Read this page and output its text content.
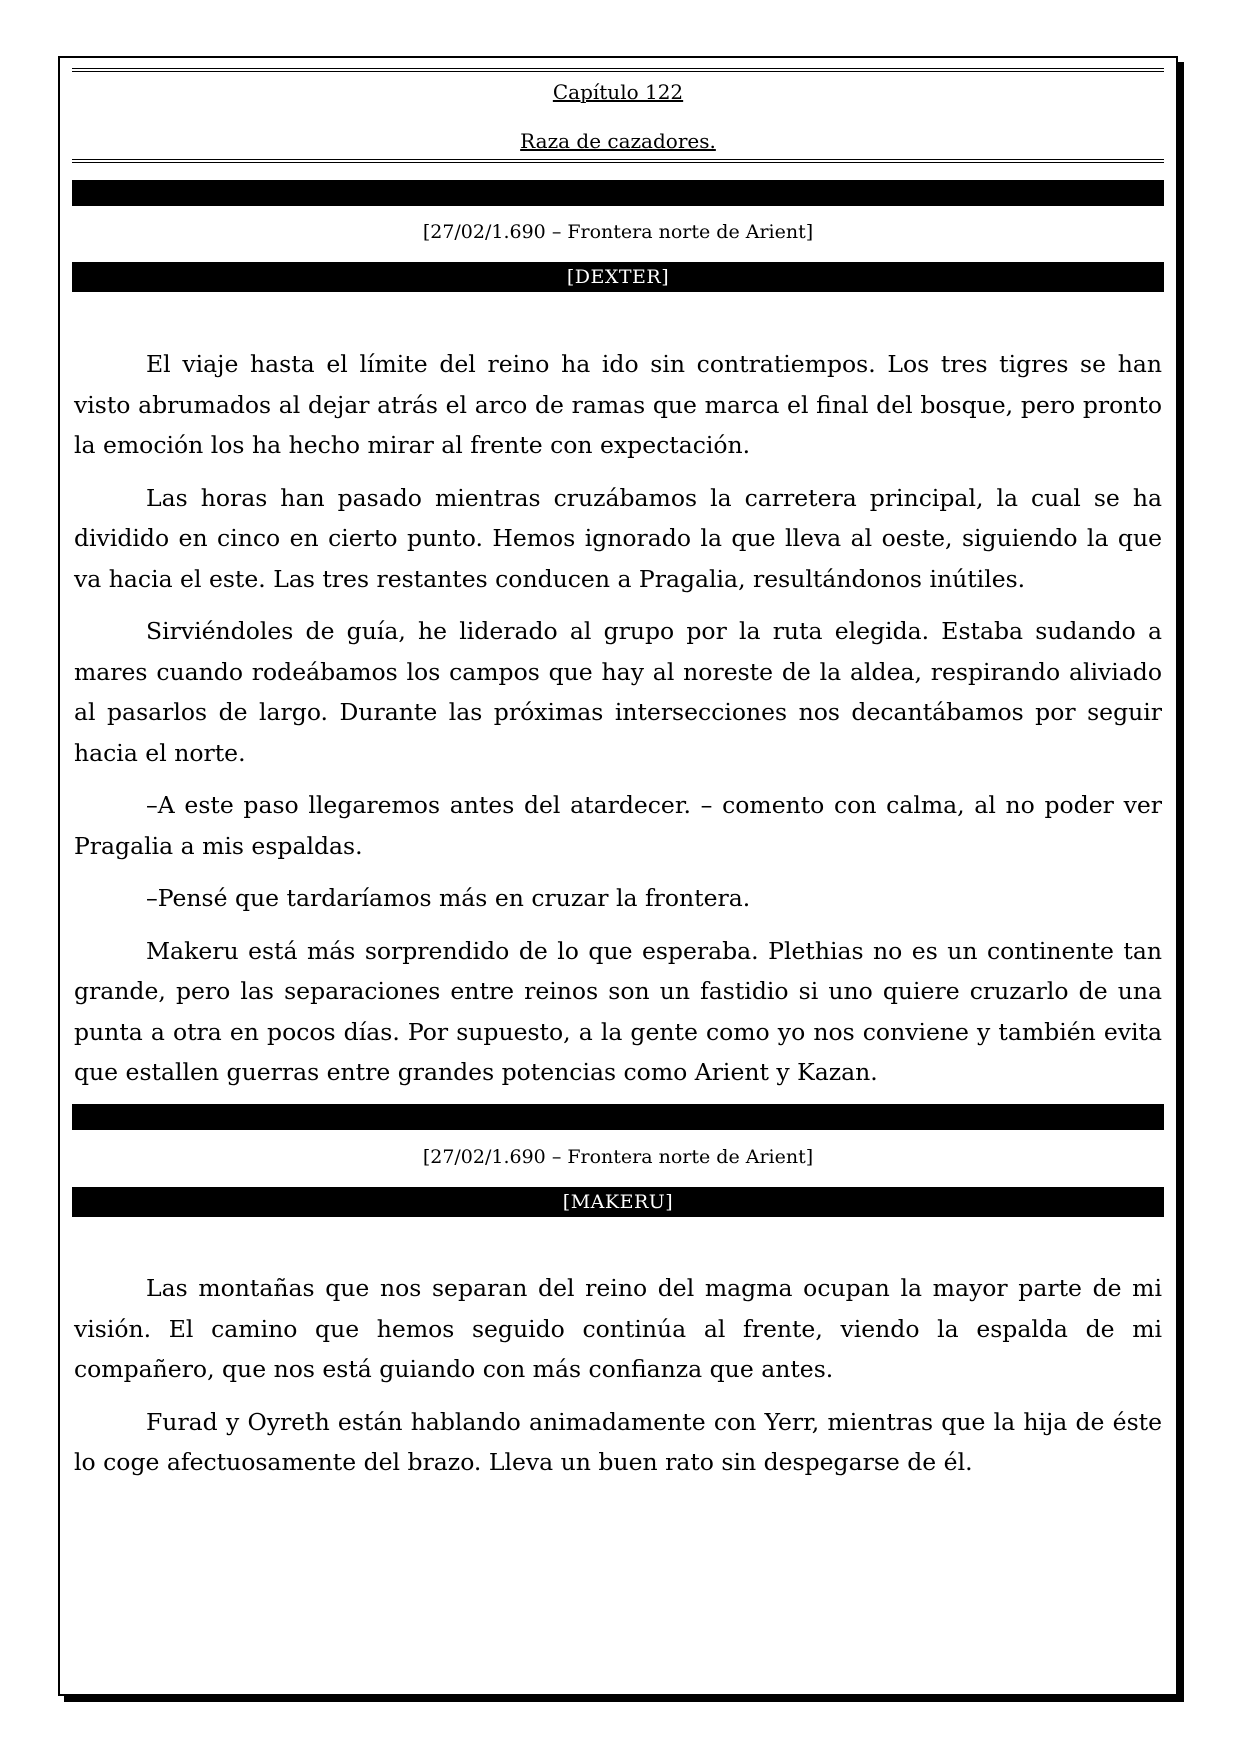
Capítulo 122
Raza de cazadores.
[27/02/1.690 – Frontera norte de Arient]
[DEXTER]

El viaje hasta el límite del reino ha ido sin contratiempos. Los tres tigres se han visto abrumados al dejar atrás el arco de ramas que marca el final del bosque, pero pronto la emoción los ha hecho mirar al frente con expectación.

Las horas han pasado mientras cruzábamos la carretera principal, la cual se ha dividido en cinco en cierto punto. Hemos ignorado la que lleva al oeste, siguiendo la que va hacia el este. Las tres restantes conducen a Pragalia, resultándonos inútiles.

Sirviéndoles de guía, he liderado al grupo por la ruta elegida. Estaba sudando a mares cuando rodeábamos los campos que hay al noreste de la aldea, respirando aliviado al pasarlos de largo. Durante las próximas intersecciones nos decantábamos por seguir hacia el norte.

–A este paso llegaremos antes del atardecer. – comento con calma, al no poder ver Pragalia a mis espaldas.

–Pensé que tardaríamos más en cruzar la frontera.

Makeru está más sorprendido de lo que esperaba. Plethias no es un continente tan grande, pero las separaciones entre reinos son un fastidio si uno quiere cruzarlo de una punta a otra en pocos días. Por supuesto, a la gente como yo nos conviene y también evita que estallen guerras entre grandes potencias como Arient y Kazan.

[27/02/1.690 – Frontera norte de Arient]
[MAKERU]

Las montañas que nos separan del reino del magma ocupan la mayor parte de mi visión. El camino que hemos seguido continúa al frente, viendo la espalda de mi compañero, que nos está guiando con más confianza que antes.

Furad y Oyreth están hablando animadamente con Yerr, mientras que la hija de éste lo coge afectuosamente del brazo. Lleva un buen rato sin despegarse de él.
